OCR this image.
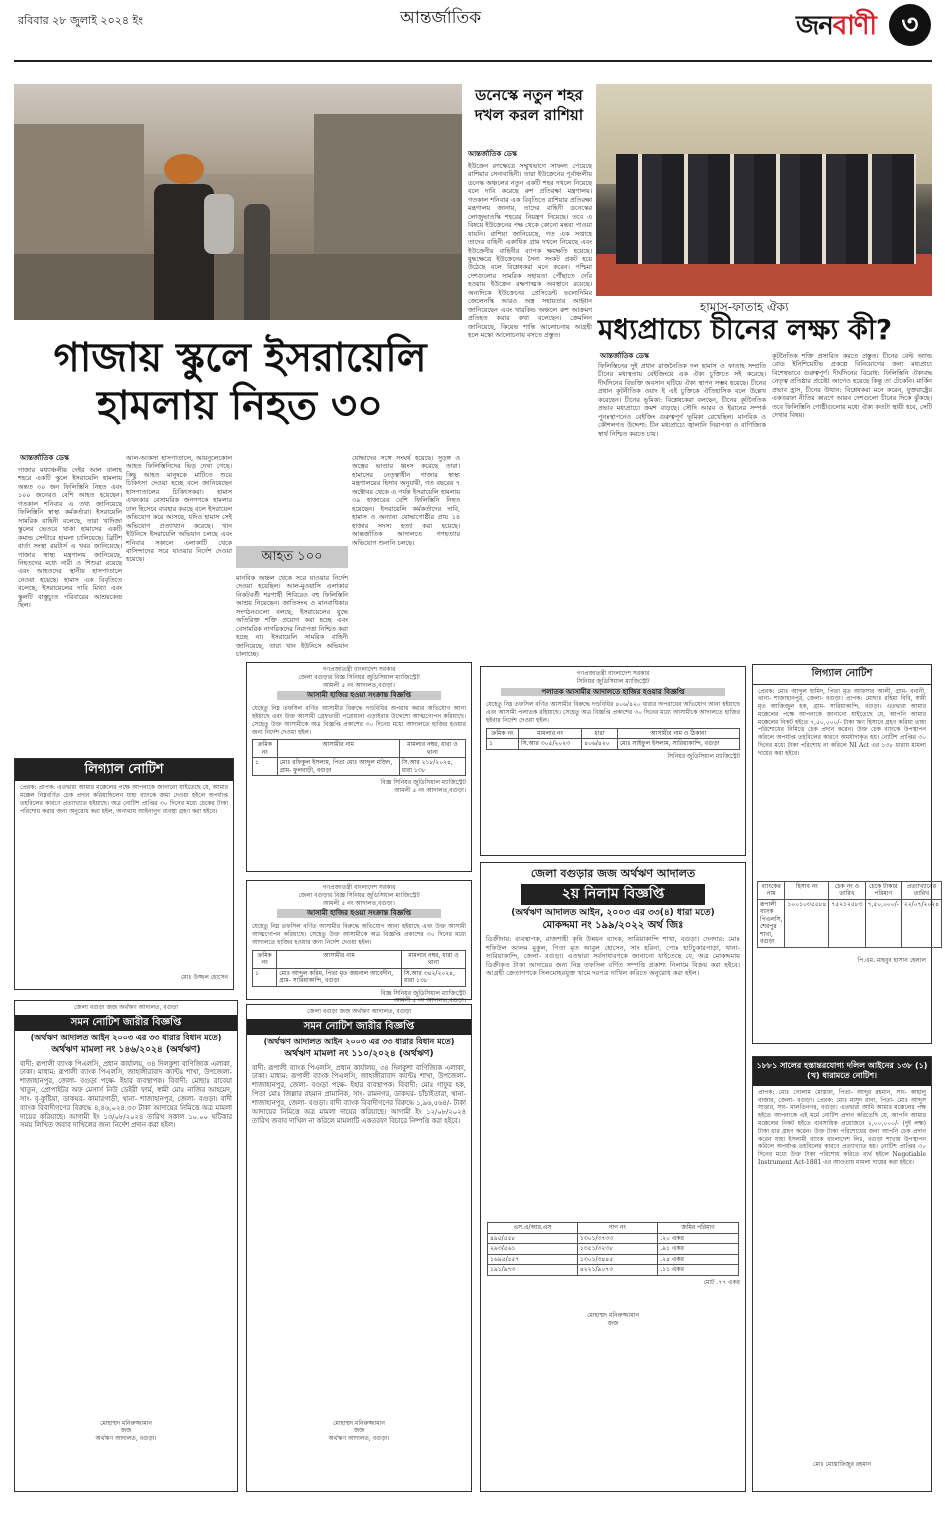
রবিবার ২৮ জুলাই ২০২৪ ইং	আন্তর্জাতিক	জনবাণী ৩
ডনেস্কে নতুন শহর দখল করল রাশিয়া
আন্তর্জাতিক ডেস্ক
ইউক্রেন রণক্ষেত্রে সম্মুখভাগে সাফল্য পেয়েছে রাশিয়ার সেনাবাহিনী। তারা ইউক্রেনের পূর্বাঞ্চলীয় ডনেস্ক অঞ্চলের নতুন একটি শহর দখলে নিয়েছে বলে দাবি করেছে রুশ প্রতিরক্ষা মন্ত্রণালয়। গতকাল শনিবার এক বিবৃতিতে রাশিয়ার প্রতিরক্ষা মন্ত্রণালয় জানায়, তাদের বাহিনী ডনেস্কের লোজুভাতস্কি শহরের নিয়ন্ত্রণ নিয়েছে। তবে এ বিষয়ে ইউক্রেনের পক্ষ থেকে কোনো মন্তব্য পাওয়া যায়নি। রাশিয়া জানিয়েছে, গত এক সপ্তাহে তাদের বাহিনী একাধিক গ্রাম দখলে নিয়েছে এবং ইউক্রেনীয় বাহিনীর ব্যাপক ক্ষয়ক্ষতি হয়েছে। যুদ্ধক্ষেত্রে ইউক্রেনের সৈন্য সংকট প্রকট হয়ে উঠেছে বলে বিশ্লেষকরা মনে করেন। পশ্চিমা দেশগুলোর সামরিক সহায়তা পৌঁছাতে দেরি হওয়ায় ইউক্রেন রক্ষণাত্মক অবস্থানে রয়েছে। অন্যদিকে ইউক্রেনের প্রেসিডেন্ট ভলোদিমির জেলেনস্কি আরও অস্ত্র সহায়তার আহ্বান জানিয়েছেন এবং খারকিভ অঞ্চলে রুশ আক্রমণ প্রতিহত করার কথা বলেছেন। ক্রেমলিন জানিয়েছে, কিয়েভ শান্তি আলোচনায় আগ্রহী হলে মস্কো আলোচনায় বসতে প্রস্তুত।
হামাস-ফাতাহ ঐক্য
মধ্যপ্রাচ্যে চীনের লক্ষ্য কী?
আন্তর্জাতিক ডেস্ক
ফিলিস্তিনের দুই প্রধান রাজনৈতিক দল হামাস ও ফাতাহ সম্প্রতি চীনের মধ্যস্থতায় বেইজিংয়ে এক ঐক্য চুক্তিতে সই করেছে। দীর্ঘদিনের বিভক্তি অবসান ঘটিয়ে ঐক্য স্থাপন সম্ভব হয়েছে। চীনের প্রধান কূটনীতিক ওয়াং ই এই চুক্তিকে ঐতিহাসিক বলে উল্লেখ করেছেন। চীনের ভূমিকা: বিশ্লেষকেরা বলছেন, চীনের কূটনৈতিক প্রভাব মধ্যপ্রাচ্যে ক্রমশ বাড়ছে। সৌদি আরব ও ইরানের সম্পর্ক পুনঃস্থাপনেও বেইজিং গুরুত্বপূর্ণ ভূমিকা রেখেছিল। মানবিক ও কৌশলগত উদ্দেশ্য: চীন মধ্যপ্রাচ্যে জ্বালানি নিরাপত্তা ও বাণিজ্যিক স্বার্থ নিশ্চিত করতে চায়।
কূটনৈতিক শক্তি প্রসারিত করতে প্রস্তুত। চীনের বেল্ট অ্যান্ড রোড ইনিশিয়েটিভ প্রকল্পে বিনিয়োগের জন্য মধ্যপ্রাচ্য বিশেষভাবে গুরুত্বপূর্ণ। দীর্ঘদিনের বিরোধ: ফিলিস্তিনি ঐক্যবদ্ধ নেতৃত্ব প্রতিষ্ঠার প্রচেষ্টা আগেও হয়েছে কিন্তু তা টেকেনি। মার্কিন প্রভাব হ্রাস, চীনের উত্থান: বিশ্লেষকরা মনে করেন, যুক্তরাষ্ট্রের একতরফা নীতির কারণে আরব দেশগুলো চীনের দিকে ঝুঁকছে। তবে ফিলিস্তিনি গোষ্ঠীগুলোর মধ্যে ঐক্য কতটা স্থায়ী হবে, সেটি দেখার বিষয়।
গাজায় স্কুলে ইসরায়েলি
হামলায় নিহত ৩০
আন্তর্জাতিক ডেস্ক
গাজার মধ্যাঞ্চলীয় দেইর আল বালাহ শহরে একটি স্কুলে ইসরায়েলি হামলায় অন্তত ৩০ জন ফিলিস্তিনি নিহত এবং ১০০ জনেরও বেশি আহত হয়েছেন। গতকাল শনিবার এ তথ্য জানিয়েছে ফিলিস্তিনি স্বাস্থ্য কর্মকর্তারা। ইসরায়েলি সামরিক বাহিনী বলেছে, তারা খাদিজা স্কুলের ভেতরে থাকা হামাসের একটি কমান্ড সেন্টারে হামলা চালিয়েছে। ব্রিটিশ বার্তা সংস্থা রয়টার্স এ খবর জানিয়েছে। গাজার স্বাস্থ্য মন্ত্রণালয় জানিয়েছে, নিহতদের মধ্যে নারী ও শিশুরা রয়েছে এবং আহতদের স্থানীয় হাসপাতালে নেওয়া হয়েছে। হামাস এক বিবৃতিতে বলেছে, ইসরায়েলের দাবি মিথ্যা এবং স্কুলটি বাস্তুচ্যুত পরিবারের আশ্রয়কেন্দ্র ছিল।
আল-আকসা হাসপাতালে, আয়নুলেকোল আহত ফিলিস্তিনিদের ভিড় দেখা গেছে। কিছু আহত মানুষকে মাটিতে শুয়ে চিকিৎসা দেওয়া হচ্ছে বলে জানিয়েছেন হাসপাতালের চিকিৎসকরা। হামাস এখনকার বেসামরিক জনগণকে হামলার ঢাল হিসেবে ব্যবহার করছে বলে ইসরায়েল অভিযোগ করে আসছে, যদিও হামাস সেই অভিযোগ প্রত্যাখ্যান করেছে। খান ইউনিসে ইসরায়েলি অভিযান চলছে এবং শনিবার সকালে এলাকাটি থেকে বাসিন্দাদের সরে যাওয়ার নির্দেশ দেওয়া হয়েছে।	আহত ১০০
মানবিক অঞ্চল থেকে সরে যাওয়ার নির্দেশ দেওয়া হয়েছিল। আল-মুওয়াসি এলাকার নিকটবর্তী শরণার্থী শিবিরেও বহু ফিলিস্তিনি আশ্রয় নিয়েছেন। জাতিসংঘ ও মানবাধিকার সংগঠনগুলো বলছে, ইসরায়েলের যুদ্ধে অতিরিক্ত শক্তি প্রয়োগ করা হচ্ছে এবং বেসামরিক নাগরিকদের নিরাপত্তা নিশ্চিত করা হচ্ছে না। ইসরায়েলি সামরিক বাহিনী জানিয়েছে, তারা খান ইউনিসে অভিযান চালাচ্ছে।
যোদ্ধাদের সঙ্গে সংঘর্ষ হয়েছে। সুড়ঙ্গ ও অস্ত্রের ভাণ্ডার ধ্বংস করেছে তারা। হামাসের নেতৃত্বাধীন গাজার স্বাস্থ্য মন্ত্রণালয়ের হিসাব অনুযায়ী, গত বছরের ৭ অক্টোবর থেকে এ পর্যন্ত ইসরায়েলি হামলায় ৩৯ হাজারের বেশি ফিলিস্তিনি নিহত হয়েছেন। ইসরায়েলি কর্মকর্তাদের দাবি, হামাস ও অন্যান্য যোদ্ধাগোষ্ঠীর প্রায় ১৪ হাজার সদস্য হত্যা করা হয়েছে। আন্তর্জাতিক আদালতে গণহত্যার অভিযোগ শুনানি চলছে।
লিগ্যাল নোটিশ
প্রেরক: প্রাপক: এতদ্বারা আমার মক্কেলের পক্ষে আপনাকে জানানো যাইতেছে যে, আমার মক্কেল নিম্নবর্ণিত চেক প্রদান করিয়াছিলেন যাহা ব্যাংকে জমা দেওয়া হইলে অপর্যাপ্ত তহবিলের কারণে প্রত্যাখ্যাত হইয়াছে। অত্র নোটিশ প্রাপ্তির ৩০ দিনের মধ্যে চেকের টাকা পরিশোধ করার জন্য অনুরোধ করা হইল, অন্যথায় আইনানুগ ব্যবস্থা গ্রহণ করা হইবে।
মোঃ উজ্জল হোসেন
গণপ্রজাতন্ত্রী বাংলাদেশ সরকার
জেলা বগুড়ার বিজ্ঞ সিনিয়র জুডিসিয়াল ম্যাজিস্ট্রেট
আমলী ৫ নং আদালত,বগুড়া।
আসামী হাজির হওয়া সংক্রান্ত বিজ্ঞপ্তি
যেহেতু নিম্ন তফসিল বর্ণিত আসামীর বিরুদ্ধে দণ্ডবিধির অপরাধ করার অভিযোগ আনা হইয়াছে এবং উক্ত আসামী গ্রেফতারী পরোয়ানা এড়াইবার উদ্দেশ্যে আত্মগোপন করিয়াছে। সেহেতু উক্ত আসামীকে অত্র বিজ্ঞপ্তি প্রকাশের ৩০ দিনের মধ্যে আদালতে হাজির হওয়ার জন্য নির্দেশ দেওয়া হইল।
ক্রমিক নং	আসামীর নাম	মামলার নম্বর, ধারা ও থানা
১	মোঃ রফিকুল ইসলাম, পিতা মোঃ আব্দুল মজিদ, গ্রাম- ফুলবাড়ী, বগুড়া	সি.আর ২১৮/২০২৪, ধারা ১৩৮
বিজ্ঞ সিনিয়র জুডিসিয়াল ম্যাজিস্ট্রেট
আমলী ৫ নং আদালত,বগুড়া।
গণপ্রজাতন্ত্রী বাংলাদেশ সরকার
জেলা বগুড়ার বিজ্ঞ সিনিয়র জুডিসিয়াল ম্যাজিস্ট্রেট
আমলী ৫ নং আদালত,বগুড়া।
আসামী হাজির হওয়া সংক্রান্ত বিজ্ঞপ্তি
যেহেতু নিম্ন তফসিল বর্ণিত আসামীর বিরুদ্ধে অভিযোগ আনা হইয়াছে এবং উক্ত আসামী আত্মগোপন করিয়াছে। সেহেতু উক্ত আসামীকে অত্র বিজ্ঞপ্তি প্রকাশের ৩০ দিনের মধ্যে আদালতে হাজির হওয়ার জন্য নির্দেশ দেওয়া হইল।
ক্রমিক নং	আসামীর নাম	মামলার নম্বর, ধারা ও থানা
১	মোঃ আব্দুল করিম, পিতা মৃত জয়নাল আবেদীন, গ্রাম- সারিয়াকান্দি, বগুড়া	সি.আর ৩৪২/২০২৪, ধারা ১৩৮
বিজ্ঞ সিনিয়র জুডিসিয়াল ম্যাজিস্ট্রেট
আমলী ৫ নং আদালত,বগুড়া।
গণপ্রজাতন্ত্রী বাংলাদেশ সরকার
সিনিয়র জুডিসিয়াল ম্যাজিস্ট্রেট
পলাতক আসামীর আদালতে হাজির হওয়ার বিজ্ঞপ্তি
যেহেতু নিম্ন তফসিল বর্ণিত আসামীর বিরুদ্ধে দণ্ডবিধির ৪০৬/৪২০ ধারার অপরাধের অভিযোগ আনা হইয়াছে এবং আসামী পলাতক রহিয়াছে। সেহেতু অত্র বিজ্ঞপ্তি প্রকাশের ৩০ দিনের মধ্যে আসামীকে আদালতে হাজির হইবার নির্দেশ দেওয়া হইল।
ক্রমিক নং	মামলার নং	ধারা	আসামীর নাম ও ঠিকানা
১	সি.আর ৩০৫/২০২৩	৪০৬/৪২০	মোঃ সাইফুল ইসলাম, সারিয়াকান্দি, বগুড়া
সিনিয়র জুডিসিয়াল ম্যাজিস্ট্রেট
জেলা বগুড়ার জজ অর্থঋণ আদালত
২য় নিলাম বিজ্ঞপ্তি
(অর্থঋণ আদালত আইন, ২০০৩ এর ৩৩(৪) ধারা মতে)
মোকদ্দমা নং ১৯৯/২০২২ অর্থ জিঃ
ডিক্রীদার: ব্যবস্থাপক, রাজশাহী কৃষি উন্নয়ন ব্যাংক, সারিয়াকান্দি শাখা, বগুড়া। দেনদার: মোঃ শফিউল আলম মুকুল, পিতা মৃত আবুল হোসেন, সাং হরিনা, পোঃ হাটচুকারপাড়া, থানা- সারিয়াকান্দি, জেলা- বগুড়া। এতদ্বারা সর্বসাধারণকে জানানো যাইতেছে যে, অত্র মোকদ্দমায় ডিক্রীকৃত টাকা আদায়ের জন্য নিম্ন তফসিল বর্ণিত সম্পত্তি প্রকাশ্য নিলামে বিক্রয় করা হইবে। আগ্রহী ক্রেতাগণকে সিলমোহরযুক্ত খামে দরপত্র দাখিল করিতে অনুরোধ করা হইল।
এস.এ/আর.এস	দাগ নং	জমির পরিমাণ
৪৯৫/৫৫৮	১৩০১/৩৭৩৩	.২০ একর
২৯৩/৫৬১	১৩৫১/৩২৩৮	.৯১ একর
১৬৯৫/৫৫৭	১৩০১/৩৪৪৫	.২৪ একর
১৯১/৯৭৩	৪২২১/৯০৭৩	.১১ একর
মোট .৭৭ একর
মোহাম্মদ মনিরুজ্জামান
জজ
লিগ্যাল নোটিশ
প্রেরক: মোঃ আব্দুল হামিদ, পিতা মৃত আফসার আলী, গ্রাম- বনানী, থানা- শাজাহানপুর, জেলা- বগুড়া। প্রাপক: মোছাঃ রহিমা বিবি, স্বামী মৃত আজিজুল হক, গ্রাম- সারিয়াকান্দি, বগুড়া। এতদ্বারা আমার মক্কেলের পক্ষে আপনাকে জানানো যাইতেছে যে, আপনি আমার মক্কেলের নিকট হইতে ৭,৫০,০০০/- টাকা ঋণ হিসাবে গ্রহণ করিয়া তাহা পরিশোধের নিমিত্তে চেক প্রদান করেন। উক্ত চেক ব্যাংকে উপস্থাপন করিলে অপর্যাপ্ত তহবিলের কারণে অমর্যাদাকৃত হয়। নোটিশ প্রাপ্তির ৩০ দিনের মধ্যে টাকা পরিশোধ না করিলে NI Act এর ১৩৮ ধারায় মামলা দায়ের করা হইবে।
ব্যাংকের নাম	হিসাব নং	চেক নং ও তারিখ	চেকে টাকার পরিমাণ	প্রত্যাখ্যানের তারিখ
রূপালী ব্যাংক পিএলসি, শেরপুর শাখা, বগুড়া	১০০১০৩৫৫৮৪	৭৫২১২৫৮৩	৭,৫০,০০০/-	২২/০৭/২০২৪
পি.এম. মাহবুব হাসান হেলাল
১৮৮১ সালের হস্তান্তরযোগ্য দলিল আইনের ১৩৮ (১) (খ) ধারামতে নোটিশ।
প্রাপক: মোঃ গোলাম মোস্তফা, পিতা- আব্দুর রহমান, সাং- কাহালু বাজার, জেলা- বগুড়া। প্রেরক: মোঃ মাসুদ রানা, পিতা- মোঃ আব্দুস সাত্তার, সাং- মালতিনগর, বগুড়া। এতদ্বারা আমি আমার মক্কেলের পক্ষ হইতে আপনাকে এই মর্মে নোটিশ প্রদান করিতেছি যে, আপনি আমার মক্কেলের নিকট হইতে ব্যবসায়িক প্রয়োজনে ২,০০,০০০/- (দুই লক্ষ) টাকা ধার গ্রহণ করেন। উক্ত টাকা পরিশোধের জন্য আপনি চেক প্রদান করেন যাহা ইসলামী ব্যাংক বাংলাদেশ লিঃ, বগুড়া শাখায় উপস্থাপন করিলে অপর্যাপ্ত তহবিলের কারণে প্রত্যাখ্যাত হয়। নোটিশ প্রাপ্তির ৩০ দিনের মধ্যে উক্ত টাকা পরিশোধ করিতে ব্যর্থ হইলে Negotiable Instrument Act-1881 এর আওতায় মামলা দায়ের করা হইবে।
মোঃ মোস্তাফিজুর রহমান
জেলা বগুড়া জজ অর্থঋণ আদালত, বগুড়া
সমন নোটিশ জারীর বিজ্ঞপ্তি
(অর্থঋণ আদালত আইন ২০০৩ এর ৩৩ ধারার বিধান মতে)
অর্থঋণ মামলা নং ১৪৬/২০২৪ (অর্থঋণ)
বাদী: রূপালী ব্যাংক পিএলসি, প্রধান কার্যালয়, ৩৪ দিলকুশা বাণিজ্যিক এলাকা, ঢাকা। মাধ্যম: রূপালী ব্যাংক পিএলসি, জাহাঙ্গীরাবাদ ক্যান্টঃ শাখা, উপজেলা- শাজাহানপুর, জেলা- বগুড়া পক্ষে- ইহার ব্যবস্থাপক। বিবাদী: মোছাঃ রাবেয়া খাতুন, প্রোপাইটর অফ মেসার্স নিউ ডেইরী ফার্ম, স্বামী মোঃ নাজির আহমেদ, সাং- বৃ-কুষ্টিয়া, ডাকঘর- কামারগাড়ী, থানা- শাজাহানপুর, জেলা- বগুড়া। বাদী ব্যাংক বিবাদীগণের বিরুদ্ধে ৪,৪৬,০২৪.৩৩ টাকা আদায়ের নিমিত্তে অত্র মামলা দায়ের করিয়াছে। আগামী ইং ১৩/০৮/২০২৪ তারিখ সকাল ১০.০০ ঘটিকার সময় লিখিত জবাব দাখিলের জন্য নির্দেশ প্রদান করা হইল।
মোহাম্মদ মনিরুজ্জামান
জজ
অর্থঋণ আদালত, বগুড়া।
জেলা বগুড়া জজ অর্থঋণ আদালত, বগুড়া
সমন নোটিশ জারীর বিজ্ঞপ্তি
(অর্থঋণ আদালত আইন ২০০৩ এর ৩৩ ধারার বিধান মতে)
অর্থঋণ মামলা নং ১১০/২০২৪ (অর্থঋণ)
বাদী: রূপালী ব্যাংক পিএলসি, প্রধান কার্যালয়, ৩৪ দিলকুশা বাণিজ্যিক এলাকা, ঢাকা। মাধ্যম: রূপালী ব্যাংক পিএলসি, জাহাঙ্গীরাবাদ ক্যান্টঃ শাখা, উপজেলা- শাজাহানপুর, জেলা- বগুড়া পক্ষে- ইহার ব্যবস্থাপক। বিবাদী: মোঃ গাফুর হক, পিতা মোঃ জিল্লার রহমান প্রামানিক, সাং- রামনগর, ডাকঘর- চাঁচাইতারা, থানা- শাজাহানপুর, জেলা- বগুড়া। বাদী ব্যাংক বিবাদীগণের বিরুদ্ধে ১,৯৬,৫৬৪/- টাকা আদায়ের নিমিত্তে অত্র মামলা দায়ের করিয়াছে। আগামী ইং ১২/০৮/২০২৪ তারিখ জবাব দাখিল না করিলে মামলাটি একতরফা বিচারে নিষ্পত্তি করা হইবে।
মোহাম্মদ মনিরুজ্জামান
জজ
অর্থঋণ আদালত, বগুড়া।
